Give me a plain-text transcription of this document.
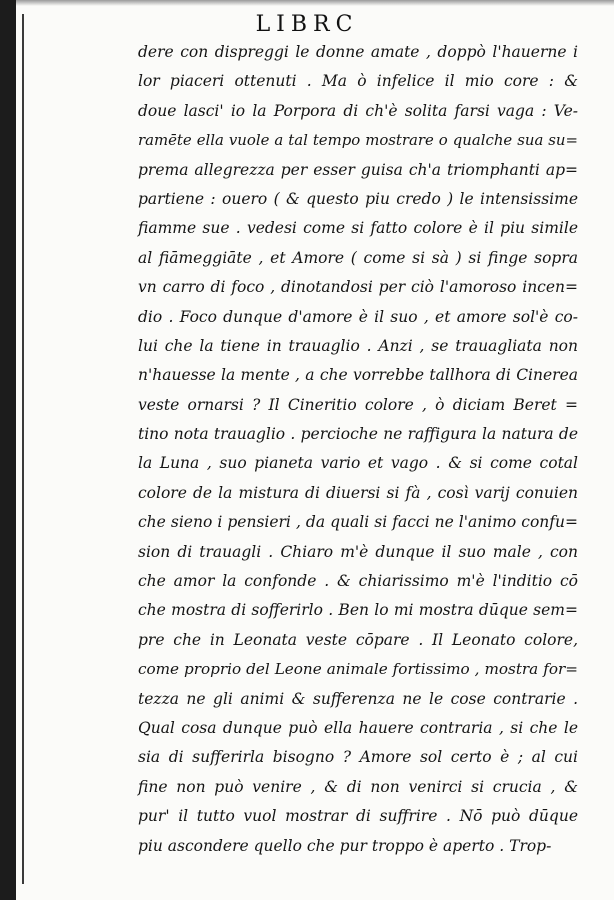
LIBRC
dere con dispreggi le donne amate , doppò l'hauerne i
lor piaceri ottenuti . Ma ò infelice il mio core : &
doue lasci' io la Porpora di ch'è solita farsi vaga : Ve-
ramēte ella vuole a tal tempo mostrare o qualche sua su=
prema allegrezza per esser guisa ch'a triomphanti ap=
partiene : ouero ( & questo piu credo ) le intensissime
fiamme sue . vedesi come si fatto colore è il piu simile
al fiāmeggiāte , et Amore ( come si sà ) si finge sopra
vn carro di foco , dinotandosi per ciò l'amoroso incen=
dio . Foco dunque d'amore è il suo , et amore sol'è co-
lui che la tiene in trauaglio . Anzi , se trauagliata non
n'hauesse la mente , a che vorrebbe tallhora di Cinerea
veste ornarsi ? Il Cineritio colore , ò diciam Beret =
tino nota trauaglio . percioche ne raffigura la natura de
la Luna , suo pianeta vario et vago . & si come cotal
colore de la mistura di diuersi si fà , così varij conuien
che sieno i pensieri , da quali si facci ne l'animo confu=
sion di trauagli . Chiaro m'è dunque il suo male , con
che amor la confonde . & chiarissimo m'è l'inditio cō
che mostra di sofferirlo . Ben lo mi mostra dūque sem=
pre che in Leonata veste cōpare . Il Leonato colore,
come proprio del Leone animale fortissimo , mostra for=
tezza ne gli animi & sufferenza ne le cose contrarie .
Qual cosa dunque può ella hauere contraria , si che le
sia di sufferirla bisogno ? Amore sol certo è ; al cui
fine non può venire , & di non venirci si crucia , &
pur' il tutto vuol mostrar di suffrire . Nō può dūque
piu ascondere quello che pur troppo è aperto . Trop-
